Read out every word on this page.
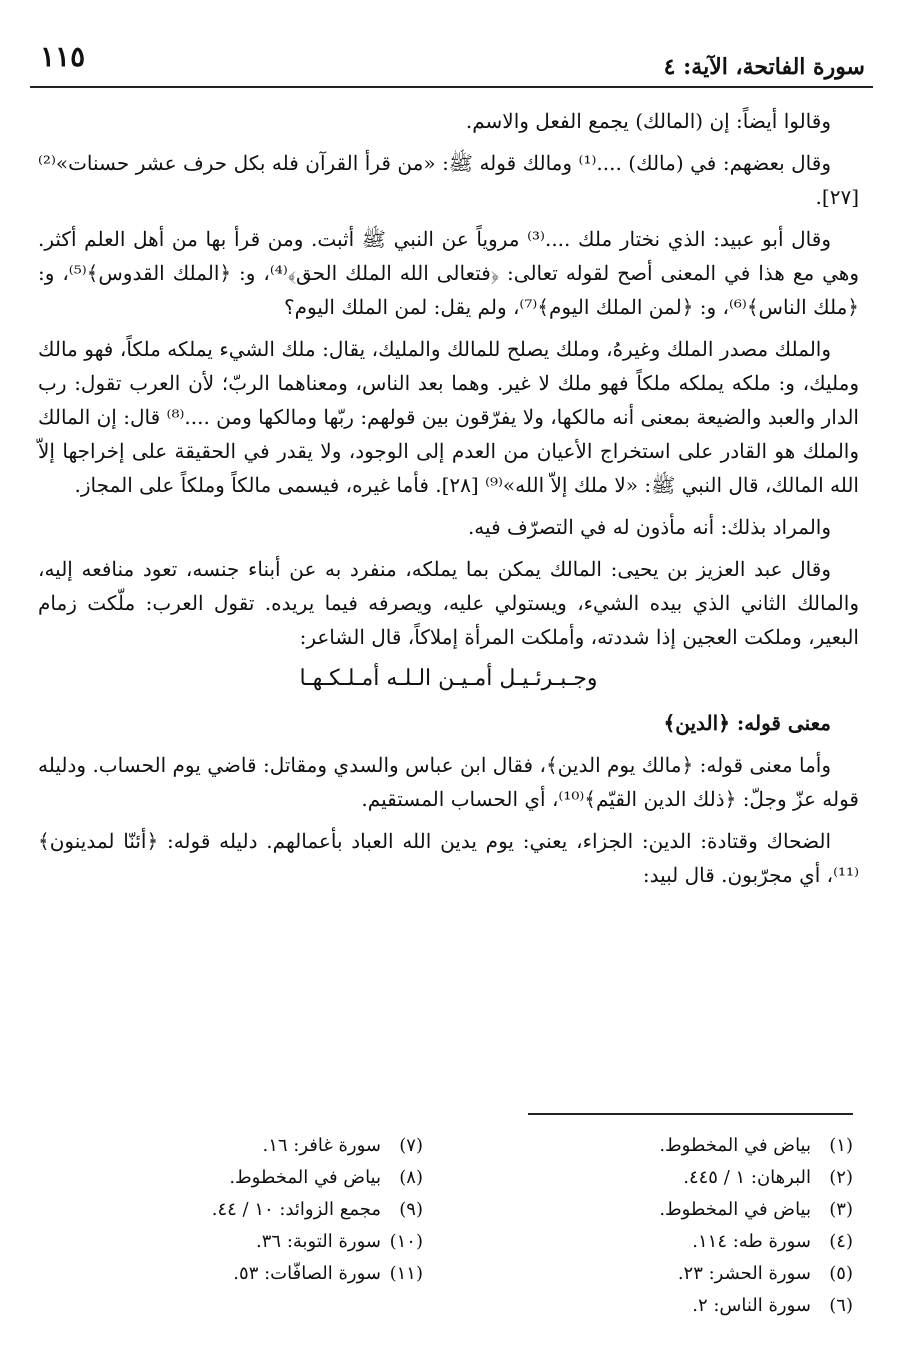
١١٥	سورة الفاتحة، الآية: ٤

وقالوا أيضاً: إن (المالك) يجمع الفعل والاسم.

وقال بعضهم: في (مالك) ....⁽¹⁾ ومالك قوله ﷺ: «من قرأ القرآن فله بكل حرف عشر حسنات»⁽²⁾ [٢٧].

وقال أبو عبيد: الذي نختار ملك ....⁽³⁾ مروياً عن النبي ﷺ أثبت. ومن قرأ بها من أهل العلم أكثر. وهي مع هذا في المعنى أصح لقوله تعالى: ﴿فتعالى الله الملك الحق﴾⁽⁴⁾، و: ﴿الملك القدوس﴾⁽⁵⁾، و: ﴿ملك الناس﴾⁽⁶⁾، و: ﴿لمن الملك اليوم﴾⁽⁷⁾، ولم يقل: لمن الملك اليوم؟

والملك مصدر الملك وغيرهُ، وملك يصلح للمالك والمليك، يقال: ملك الشيء يملكه ملكاً، فهو مالك ومليك، و: ملكه يملكه ملكاً فهو ملك لا غير. وهما بعد الناس، ومعناهما الربّ؛ لأن العرب تقول: رب الدار والعبد والضيعة بمعنى أنه مالكها، ولا يفرّقون بين قولهم: ربّها ومالكها ومن ....⁽⁸⁾ قال: إن المالك والملك هو القادر على استخراج الأعيان من العدم إلى الوجود، ولا يقدر في الحقيقة على إخراجها إلاّ الله المالك، قال النبي ﷺ: «لا ملك إلاّ الله»⁽⁹⁾ [٢٨]. فأما غيره، فيسمى مالكاً وملكاً على المجاز.

والمراد بذلك: أنه مأذون له في التصرّف فيه.

وقال عبد العزيز بن يحيى: المالك يمكن بما يملكه، منفرد به عن أبناء جنسه، تعود منافعه إليه، والمالك الثاني الذي بيده الشيء، ويستولي عليه، ويصرفه فيما يريده. تقول العرب: ملّكت زمام البعير، وملكت العجين إذا شددته، وأملكت المرأة إملاكاً، قال الشاعر:

وجـبـرئـيـل أمـيـن الـلـه أمـلـكـهـا

معنى قوله: ﴿الدين﴾

وأما معنى قوله: ﴿مالك يوم الدين﴾، فقال ابن عباس والسدي ومقاتل: قاضي يوم الحساب. ودليله قوله عزّ وجلّ: ﴿ذلك الدين القيّم﴾⁽¹⁰⁾، أي الحساب المستقيم.

الضحاك وقتادة: الدين: الجزاء، يعني: يوم يدين الله العباد بأعمالهم. دليله قوله: ﴿أئنّا لمدينون﴾⁽¹¹⁾، أي مجرّبون. قال لبيد:

(١)بياض في المخطوط.
(٢)البرهان: ١ / ٤٤٥.
(٣)بياض في المخطوط.
(٤)سورة طه: ١١٤.
(٥)سورة الحشر: ٢٣.
(٦)سورة الناس: ٢.
(٧)سورة غافر: ١٦.
(٨)بياض في المخطوط.
(٩)مجمع الزوائد: ١٠ / ٤٤.
(١٠)سورة التوبة: ٣٦.
(١١)سورة الصافّات: ٥٣.
